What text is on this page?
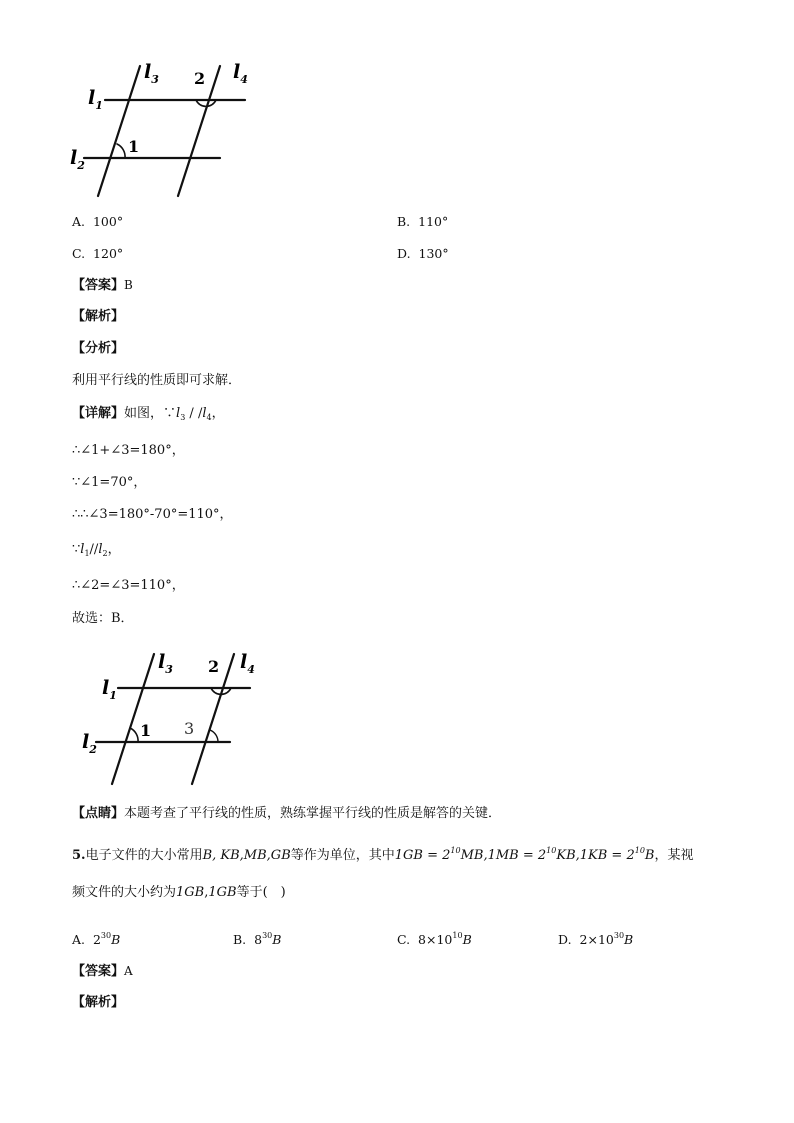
$l_1$
$l_2$
$l_3$	$l_4$
1
2
A. 100°	B. 110°
C. 120°	D. 130°
【答案】B
【解析】
【分析】
利用平行线的性质即可求解．
【详解】如图，$\because l_3 / /l_4$，
∴∠1+∠3=180°，
∵∠1=70°，
∴∴∠3=180°-70°=110°，
$\because l_1//l_2$，
∴∠2=∠3=110°，
故选：B．
$l_1$
$l_2$
$l_3$	$l_4$
1
2
3
【点睛】本题考查了平行线的性质，熟练掌握平行线的性质是解答的关键．
5.电子文件的大小常用B, KB,MB,GB等作为单位，其中$1GB = 2^{10}MB,1MB = 2^{10}KB,1KB = 2^{10}B$，某视
频文件的大小约为1GB,1GB等于(　)
A. $2^{30}B$	B. $8^{30}B$	C. $8\times 10^{10}B$	D. $2\times 10^{30}B$
【答案】A
【解析】
